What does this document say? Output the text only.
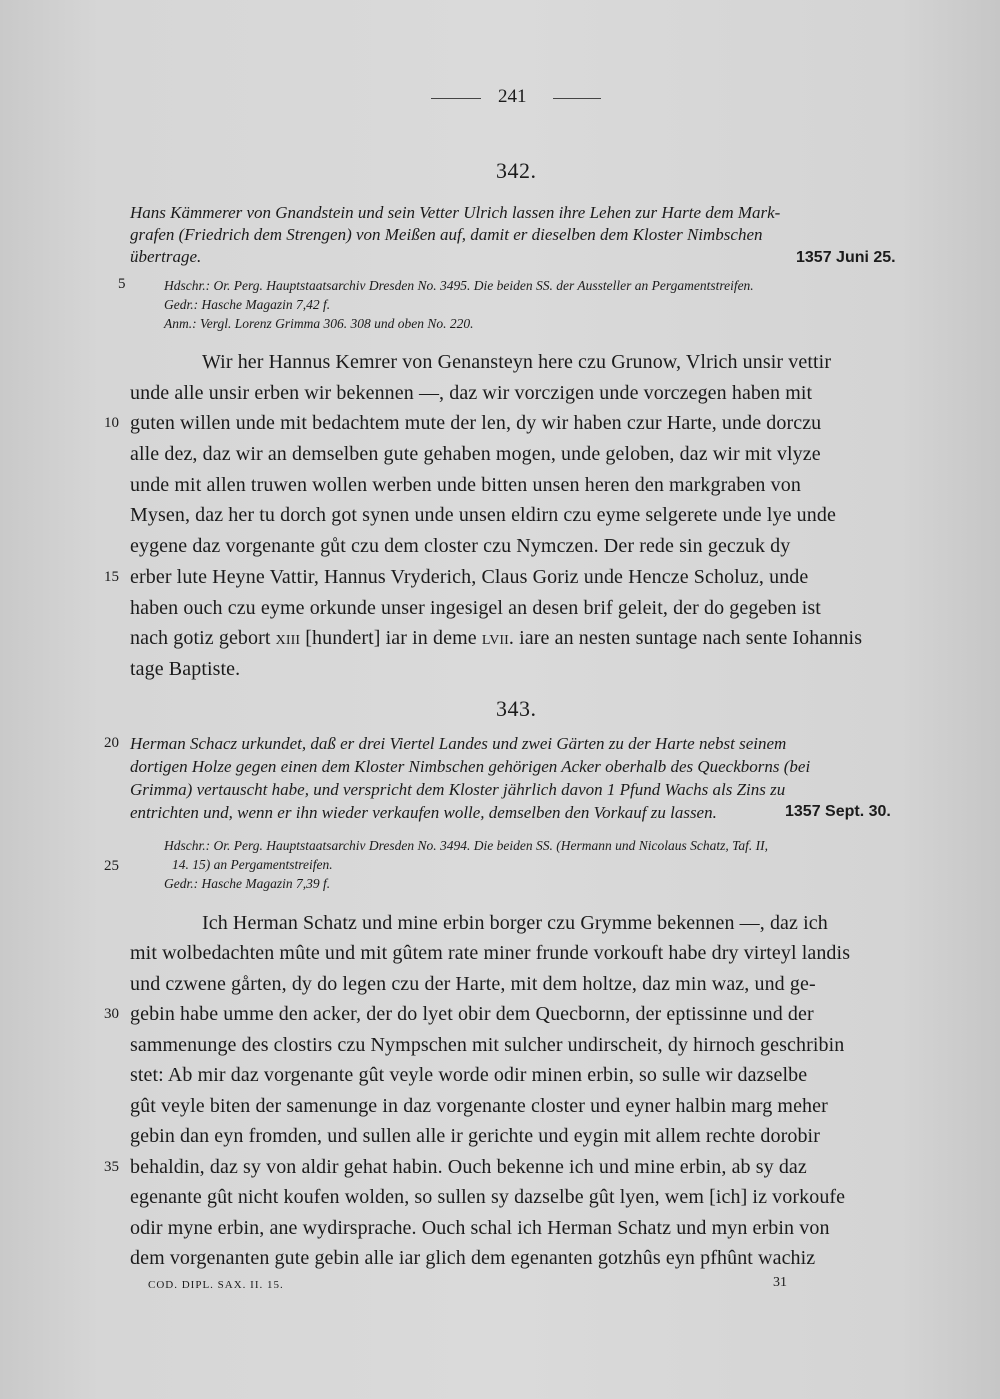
241
342.
Hans Kämmerer von Gnandstein und sein Vetter Ulrich lassen ihre Lehen zur Harte dem Mark-
grafen (Friedrich dem Strengen) von Meißen auf, damit er dieselben dem Kloster Nimbschen
übertrage.	1357 Juni 25.
5	Hdschr.: Or. Perg. Hauptstaatsarchiv Dresden No. 3495. Die beiden SS. der Aussteller an Pergamentstreifen.
Gedr.: Hasche Magazin 7,42 f.
Anm.: Vergl. Lorenz Grimma 306. 308 und oben No. 220.
Wir her Hannus Kemrer von Genansteyn here czu Grunow, Vlrich unsir vettir
unde alle unsir erben wir bekennen —, daz wir vorczigen unde vorczegen haben mit
10 guten willen unde mit bedachtem mute der len, dy wir haben czur Harte, unde dorczu
alle dez, daz wir an demselben gute gehaben mogen, unde geloben, daz wir mit vlyze
unde mit allen truwen wollen werben unde bitten unsen heren den markgraben von
Mysen, daz her tu dorch got synen unde unsen eldirn czu eyme selgerete unde lye unde
eygene daz vorgenante gůt czu dem closter czu Nymczen. Der rede sin geczuk dy
15 erber lute Heyne Vattir, Hannus Vryderich, Claus Goriz unde Hencze Scholuz, unde
haben ouch czu eyme orkunde unser ingesigel an desen brif geleit, der do gegeben ist
nach gotiz gebort xiii [hundert] iar in deme lvii. iare an nesten suntage nach sente Iohannis
tage Baptiste.
343.
20 Herman Schacz urkundet, daß er drei Viertel Landes und zwei Gärten zu der Harte nebst seinem
dortigen Holze gegen einen dem Kloster Nimbschen gehörigen Acker oberhalb des Queckborns (bei
Grimma) vertauscht habe, und verspricht dem Kloster jährlich davon 1 Pfund Wachs als Zins zu
entrichten und, wenn er ihn wieder verkaufen wolle, demselben den Vorkauf zu lassen.	1357 Sept. 30.
Hdschr.: Or. Perg. Hauptstaatsarchiv Dresden No. 3494. Die beiden SS. (Hermann und Nicolaus Schatz, Taf. II,
25	14. 15) an Pergamentstreifen.
Gedr.: Hasche Magazin 7,39 f.
Ich Herman Schatz und mine erbin borger czu Grymme bekennen —, daz ich
mit wolbedachten mûte und mit gûtem rate miner frunde vorkouft habe dry virteyl landis
und czwene gårten, dy do legen czu der Harte, mit dem holtze, daz min waz, und ge-
30 gebin habe umme den acker, der do lyet obir dem Quecbornn, der eptissinne und der
sammenunge des clostirs czu Nympschen mit sulcher undirscheit, dy hirnoch geschribin
stet: Ab mir daz vorgenante gût veyle worde odir minen erbin, so sulle wir dazselbe
gût veyle biten der samenunge in daz vorgenante closter und eyner halbin marg meher
gebin dan eyn fromden, und sullen alle ir gerichte und eygin mit allem rechte dorobir
35 behaldin, daz sy von aldir gehat habin. Ouch bekenne ich und mine erbin, ab sy daz
egenante gût nicht koufen wolden, so sullen sy dazselbe gût lyen, wem [ich] iz vorkoufe
odir myne erbin, ane wydirsprache. Ouch schal ich Herman Schatz und myn erbin von
dem vorgenanten gute gebin alle iar glich dem egenanten gotzhûs eyn pfhûnt wachiz
COD. DIPL. SAX. II. 15.	31
